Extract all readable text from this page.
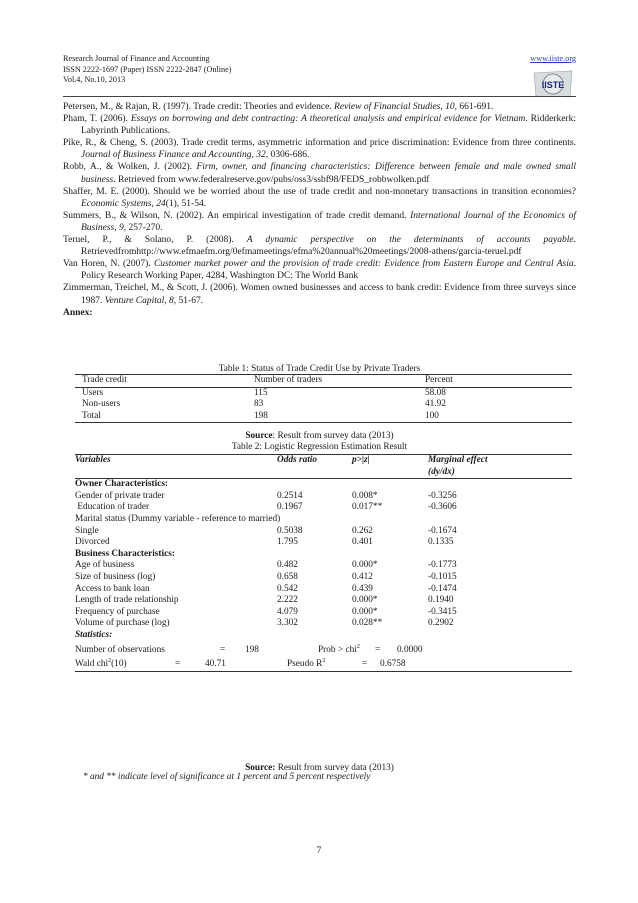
Research Journal of Finance and Accounting
ISSN 2222-1697 (Paper) ISSN 2222-2847 (Online)
Vol.4, No.10, 2013
www.iiste.org
IISTE
Petersen, M., & Rajan, R. (1997). Trade credit: Theories and evidence. Review of Financial Studies, 10, 661-691.
Pham, T. (2006). Essays on borrowing and debt contracting: A theoretical analysis and empirical evidence for Vietnam. Ridderkerk: Labyrinth Publications.
Pike, R., & Cheng, S. (2003). Trade credit terms, asymmetric information and price discrimination: Evidence from three continents. Journal of Business Finance and Accounting, 32, 0306-686.
Robb, A., & Wolken, J. (2002). Firm, owner, and financing characteristics: Difference between female and male owned small business. Retrieved from www.federalreserve.gov/pubs/oss3/ssbf98/FEDS_robbwolken.pdf
Shaffer, M. E. (2000). Should we be worried about the use of trade credit and non-monetary transactions in transition economies? Economic Systems, 24(1), 51-54.
Summers, B., & Wilson, N. (2002). An empirical investigation of trade credit demand. International Journal of the Economics of Business, 9, 257-270.
Teruel, P., & Solano, P. (2008). A dynamic perspective on the determinants of accounts payable. Retrievedfromhttp://www.efmaefm.org/0efmameetings/efma%20annual%20meetings/2008-athens/garcia-teruel.pdf
Van Horen, N. (2007). Customer market power and the provision of trade credit: Evidence from Eastern Europe and Central Asia. Policy Research Working Paper, 4284, Washington DC: The World Bank
Zimmerman, Treichel, M., & Scott, J. (2006). Women owned businesses and access to bank credit: Evidence from three surveys since 1987. Venture Capital, 8, 51-67.
Annex:
Table 1: Status of Trade Credit Use by Private Traders
Trade credit	Number of traders	Percent
Users	115	58.08
Non-users	83	41.92
Total	198	100
Source: Result from survey data (2013)
Table 2: Logistic Regression Estimation Result
Variables	Odds ratio	p>|z|	Marginal effect
			(dy/dx)
Owner Characteristics:			
Gender of private trader	0.2514	0.008*	-0.3256
Education of trader	0.1967	0.017**	-0.3606
Marital status (Dummy variable - reference to married)			
Single	0.5038	0.262	-0.1674
Divorced	1.795	0.401	0.1335
Business Characteristics:			
Age of business	0.482	0.000*	-0.1773
Size of business (log)	0.658	0.412	-0.1015
Access to bank loan	0.542	0.439	-0.1474
Length of trade relationship	2.222	0.000*	0.1940
Frequency of purchase	4.079	0.000*	-0.3415
Volume of purchase (log)	3.302	0.028**	0.2902
Statistics:			
Number of observations = 198 Prob > chi$^2$ = 0.0000			
Wald chi$^2$(10) = 40.71 Pseudo $R^2 = 0.6758$			
Source: Result from survey data (2013)
* and ** indicate level of significance at 1 percent and 5 percent respectively
7
